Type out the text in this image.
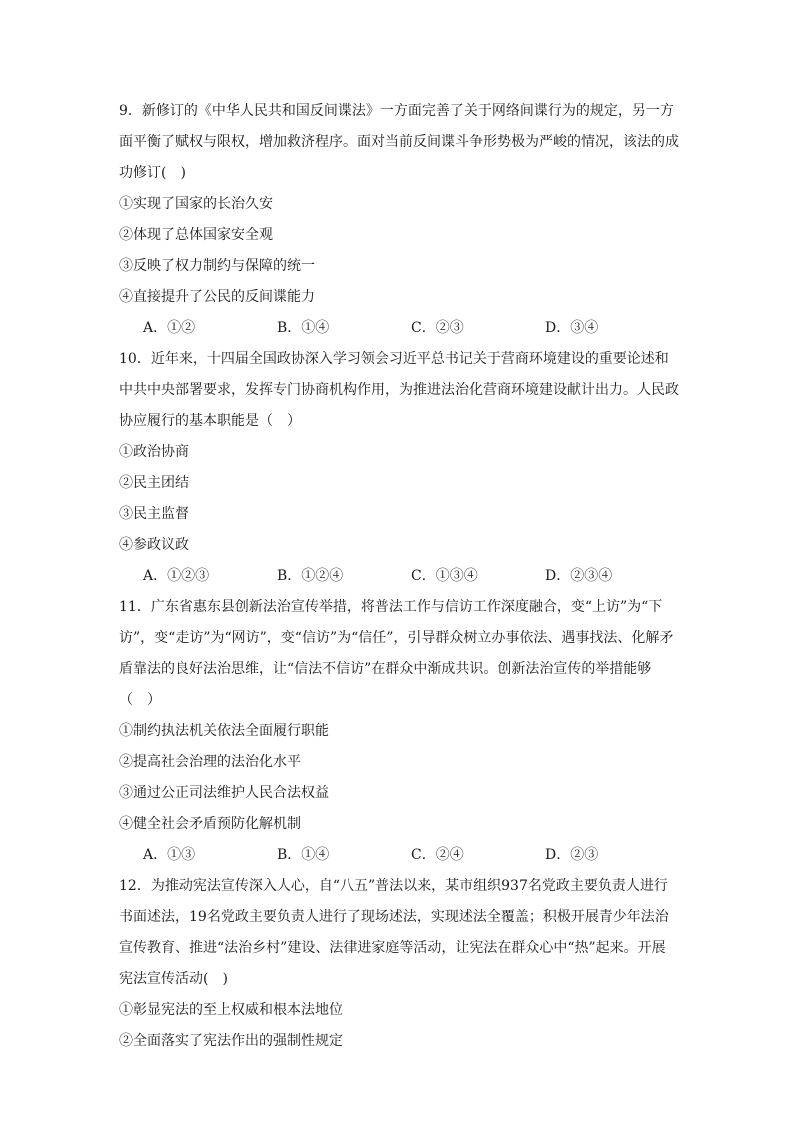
9．新修订的《中华人民共和国反间谍法》一方面完善了关于网络间谍行为的规定，另一方面平衡了赋权与限权，增加救济程序。面对当前反间谍斗争形势极为严峻的情况，该法的成功修订(　)

①实现了国家的长治久安

②体现了总体国家安全观

③反映了权力制约与保障的统一

④直接提升了公民的反间谍能力

A．①②	B．①④	C．②③	D．③④

10．近年来，十四届全国政协深入学习领会习近平总书记关于营商环境建设的重要论述和中共中央部署要求，发挥专门协商机构作用，为推进法治化营商环境建设献计出力。人民政协应履行的基本职能是（　）

①政治协商

②民主团结

③民主监督

④参政议政

A．①②③	B．①②④	C．①③④	D．②③④

11．广东省惠东县创新法治宣传举措，将普法工作与信访工作深度融合，变“上访”为“下访”，变“走访”为“网访”，变“信访”为“信任”，引导群众树立办事依法、遇事找法、化解矛盾靠法的良好法治思维，让“信法不信访”在群众中渐成共识。创新法治宣传的举措能够（　）

①制约执法机关依法全面履行职能

②提高社会治理的法治化水平

③通过公正司法维护人民合法权益

④健全社会矛盾预防化解机制

A．①③	B．①④	C．②④	D．②③

12．为推动宪法宣传深入人心，自“八五”普法以来，某市组织937名党政主要负责人进行书面述法，19名党政主要负责人进行了现场述法，实现述法全覆盖；积极开展青少年法治宣传教育、推进“法治乡村”建设、法律进家庭等活动，让宪法在群众心中“热”起来。开展宪法宣传活动(　)

①彰显宪法的至上权威和根本法地位

②全面落实了宪法作出的强制性规定
